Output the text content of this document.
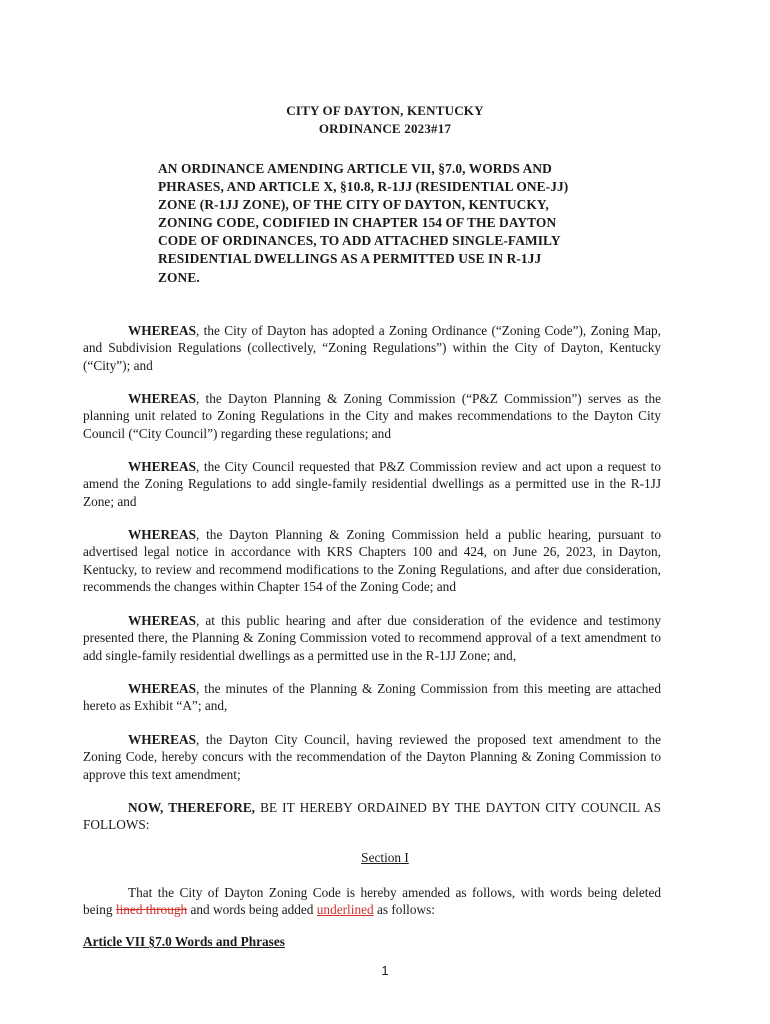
CITY OF DAYTON, KENTUCKY
ORDINANCE 2023#17
AN ORDINANCE AMENDING ARTICLE VII, §7.0, WORDS AND PHRASES, AND ARTICLE X, §10.8, R-1JJ (RESIDENTIAL ONE-JJ) ZONE (R-1JJ ZONE), OF THE CITY OF DAYTON, KENTUCKY, ZONING CODE, CODIFIED IN CHAPTER 154 OF THE DAYTON CODE OF ORDINANCES, TO ADD ATTACHED SINGLE-FAMILY RESIDENTIAL DWELLINGS AS A PERMITTED USE IN R-1JJ ZONE.

WHEREAS, the City of Dayton has adopted a Zoning Ordinance (“Zoning Code”), Zoning Map, and Subdivision Regulations (collectively, “Zoning Regulations”) within the City of Dayton, Kentucky (“City”); and

WHEREAS, the Dayton Planning & Zoning Commission (“P&Z Commission”) serves as the planning unit related to Zoning Regulations in the City and makes recommendations to the Dayton City Council (“City Council”) regarding these regulations; and

WHEREAS, the City Council requested that P&Z Commission review and act upon a request to amend the Zoning Regulations to add single-family residential dwellings as a permitted use in the R-1JJ Zone; and

WHEREAS, the Dayton Planning & Zoning Commission held a public hearing, pursuant to advertised legal notice in accordance with KRS Chapters 100 and 424, on June 26, 2023, in Dayton, Kentucky, to review and recommend modifications to the Zoning Regulations, and after due consideration, recommends the changes within Chapter 154 of the Zoning Code; and

WHEREAS, at this public hearing and after due consideration of the evidence and testimony presented there, the Planning & Zoning Commission voted to recommend approval of a text amendment to add single-family residential dwellings as a permitted use in the R-1JJ Zone; and,

WHEREAS, the minutes of the Planning & Zoning Commission from this meeting are attached hereto as Exhibit “A”; and,

WHEREAS, the Dayton City Council, having reviewed the proposed text amendment to the Zoning Code, hereby concurs with the recommendation of the Dayton Planning & Zoning Commission to approve this text amendment;

NOW, THEREFORE, BE IT HEREBY ORDAINED BY THE DAYTON CITY COUNCIL AS FOLLOWS:

Section I

That the City of Dayton Zoning Code is hereby amended as follows, with words being deleted being lined through and words being added underlined as follows:

Article VII §7.0 Words and Phrases
1
